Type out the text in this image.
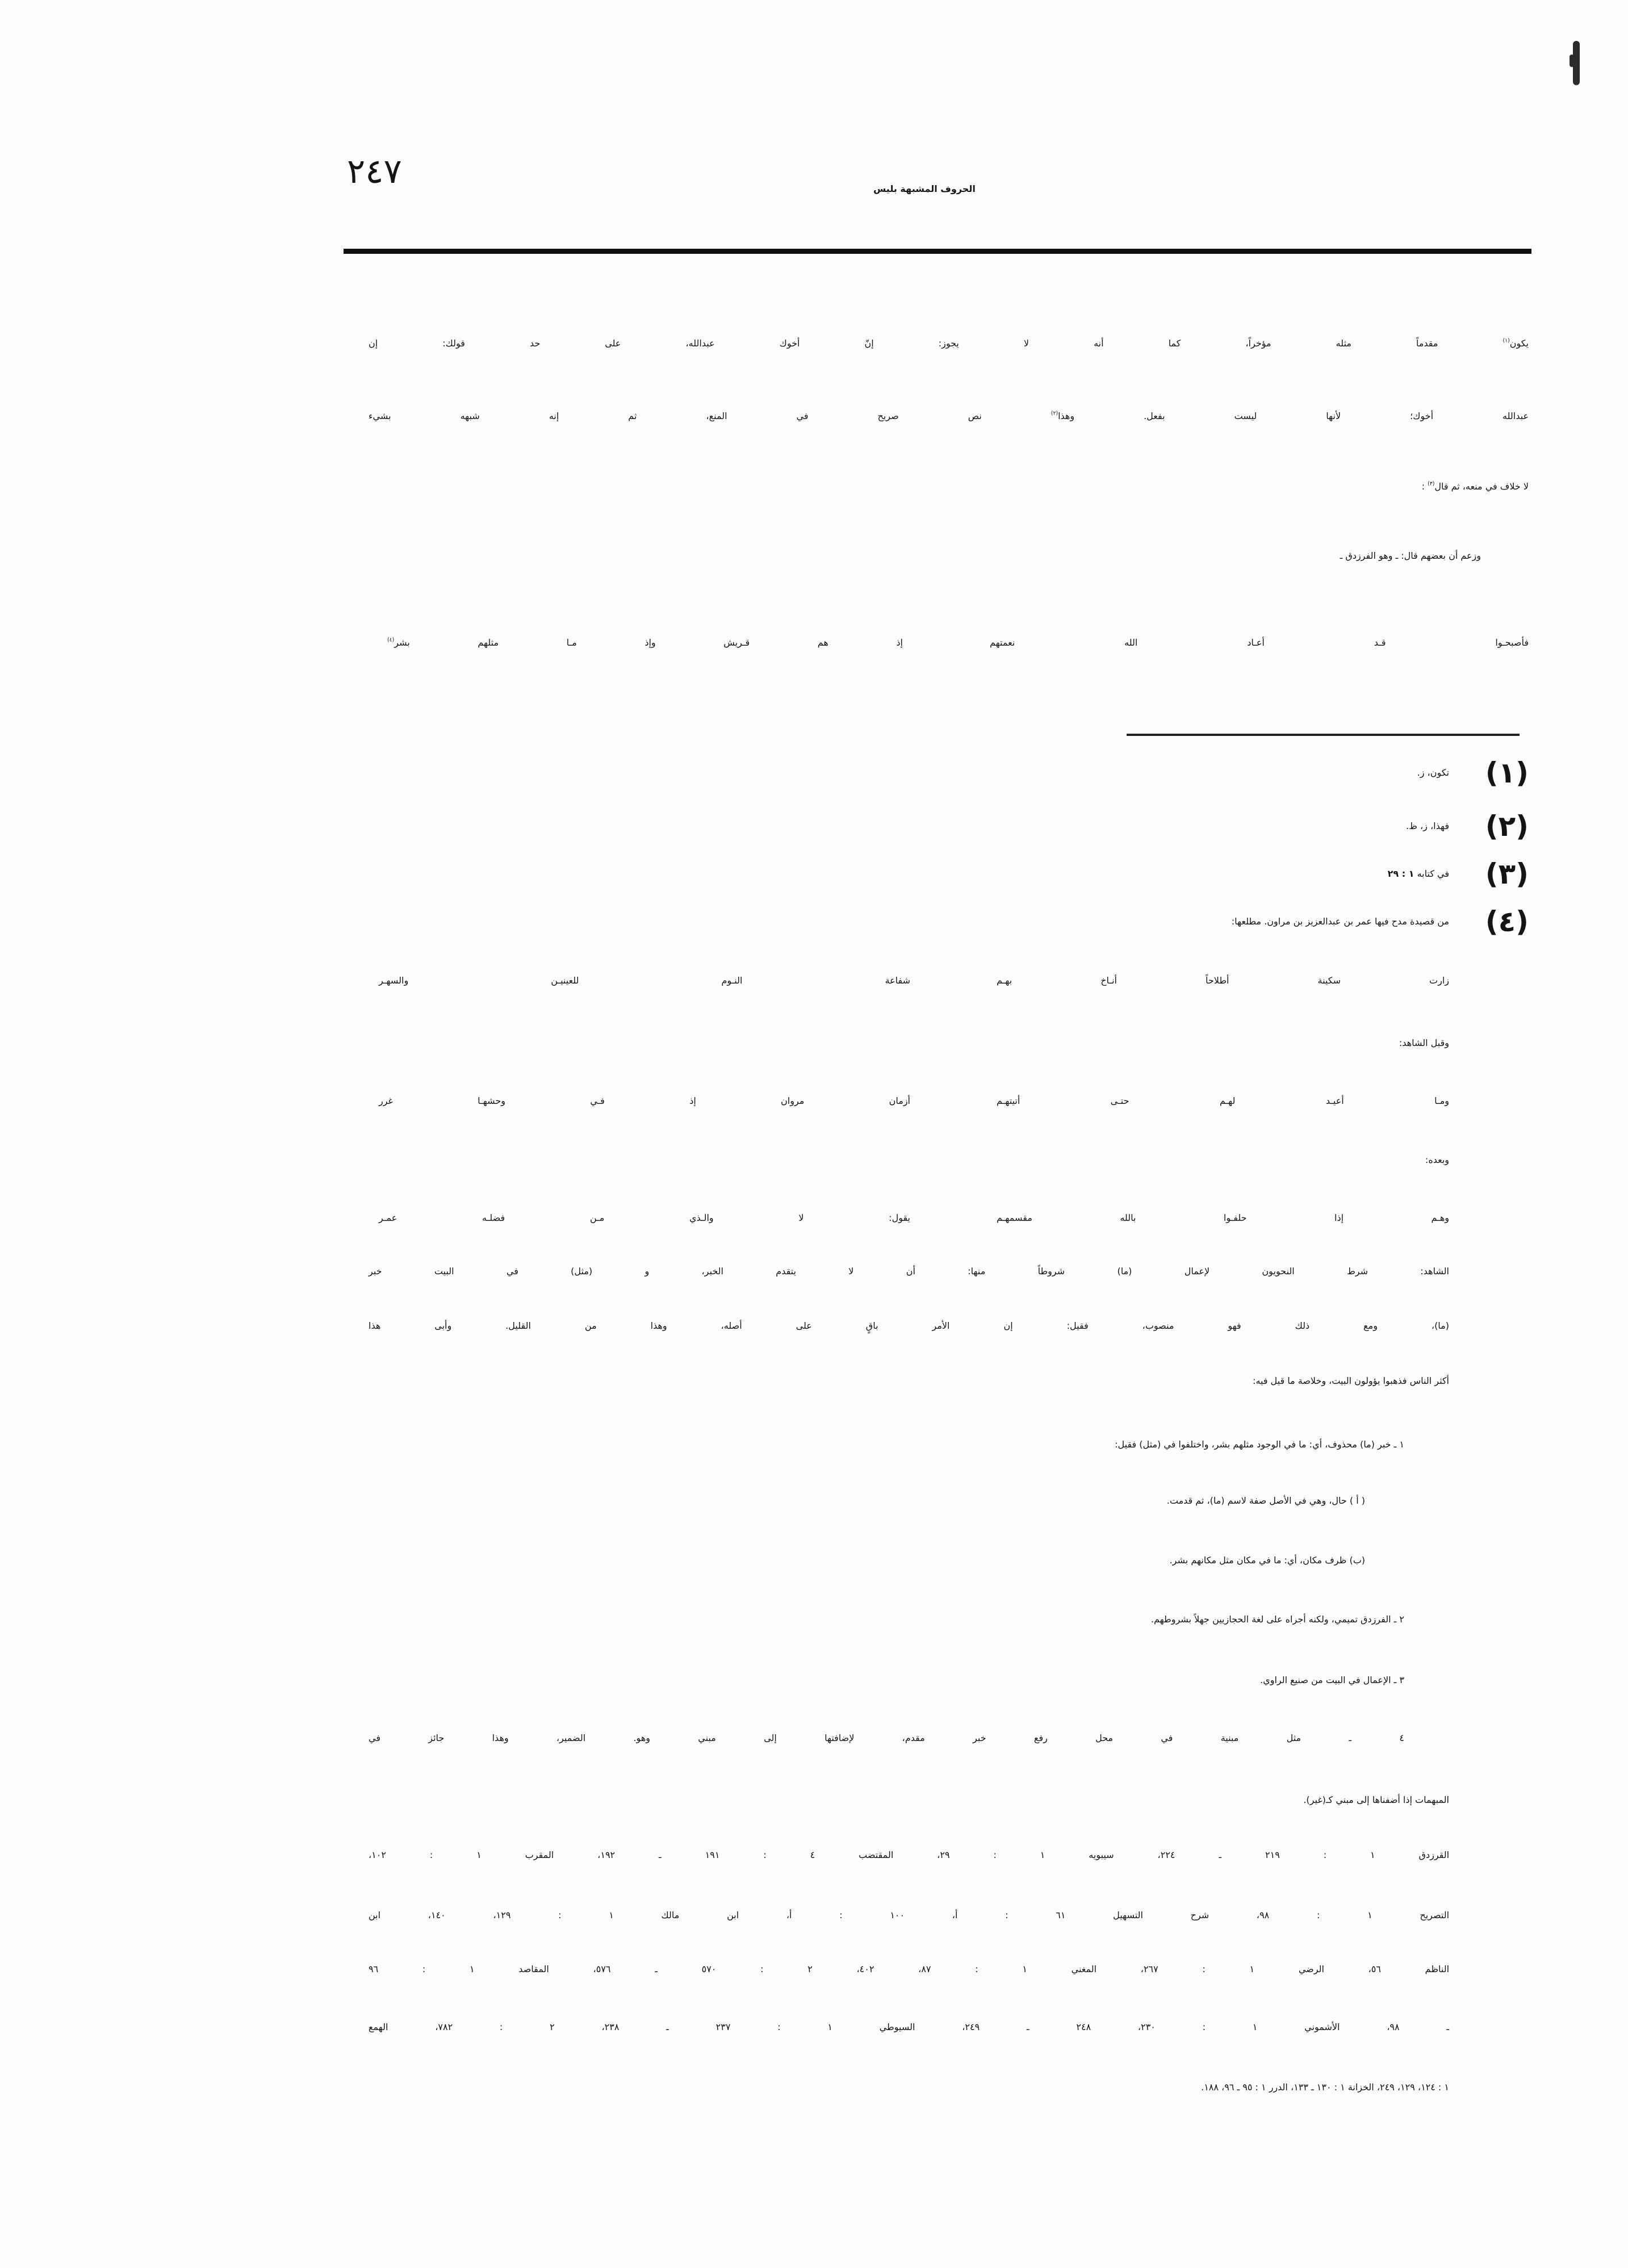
٢٤٧	الحروف المشبهة بليس
يكون$^{(١)}$ مقدماً مثله مؤخراً، كما أنه لا يجوز: إنّ أخوك عبدالله، على حد قولك: إن
عبدالله أخوك؛ لأنها ليست بفعل. وهذا$^{(٢)}$ نص صريح في المنع، ثم إنه شبهه بشيء
لا خلاف في منعه، ثم قال$^{(٣)}$ :
وزعم أن بعضهم قال: ـ وهو الفرزدق ـ
فأصبحـوا قـد أعـاد الله نعمتهم
إذ هم قـريش وإذ مـا مثلهم بشر$^{(٤)}$
(١)
تكون، ز.
(٢)
فهذا، ز، ظ.
(٣)
في كتابه ١ : ٢٩
(٤)
من قصيدة مدح فيها عمر بن عبدالعزيز بن مراون. مطلعها:
زارت سكينة أطلاحاً أنـاخ بهـم
شفاعة النـوم للعينيـن والسهـر
وقبل الشاهد:
ومـا أعيـد لهـم حتـى أتيتهـم
أزمان مروان إذ فـي وحشهـا غرر
وبعده:
وهـم إذا حلفـوا بالله مقسمهـم
يقول: لا والـذي مـن فضلـه عمـر
الشاهد: شرط النحويون لإعمال (ما) شروطاً منها: أن لا يتقدم الخبر، و (مثل) في البيت خبر
(ما)، ومع ذلك فهو منصوب، فقيل: إن الأمر باقٍ على أصله، وهذا من القليل. وأبى هذا
أكثر الناس فذهبوا يؤولون البيت، وخلاصة ما قيل فيه:
١ ـ خبر (ما) محذوف، أي: ما في الوجود مثلهم بشر، واختلفوا في (مثل) فقيل:
( أ ) حال، وهي في الأصل صفة لاسم (ما)، ثم قدمت.
(ب) ظرف مكان، أي: ما في مكان مثل مكانهم بشر.
٢ ـ الفرزدق تميمي، ولكنه أجراه على لغة الحجازيين جهلاً بشروطهم.
٣ ـ الإعمال في البيت من صنيع الراوي.
٤ ـ مثل مبنية في محل رفع خبر مقدم، لإضافتها إلى مبني وهو. الضمير، وهذا جائز في
المبهمات إذا أضفناها إلى مبني كـ(غير).
القرزدق ١ : ٢١٩ ـ ٢٢٤، سيبويه ١ : ٢٩، المقتضب ٤ : ١٩١ ـ ١٩٢، المقرب ١ : ١٠٢،
التصريح ١ : ٩٨، شرح التسهيل ٦١ : أ، ١٠٠ : أ، ابن مالك ١ : ١٢٩، ١٤٠، ابن
الناظم ٥٦، الرضي ١ : ٢٦٧، المغني ١ : ٨٧، ٤٠٢، ٢ : ٥٧٠ ـ ٥٧٦، المقاصد ١ : ٩٦
ـ ٩٨، الأشموني ١ : ٢٣٠، ٢٤٨ ـ ٢٤٩، السيوطي ١ : ٢٣٧ ـ ٢٣٨، ٢ : ٧٨٢، الهمع
١ : ١٢٤، ١٢٩، ٢٤٩، الخزانة ١ : ١٣٠ ـ ١٣٣، الدرر ١ : ٩٥ ـ ٩٦، ١٨٨.
